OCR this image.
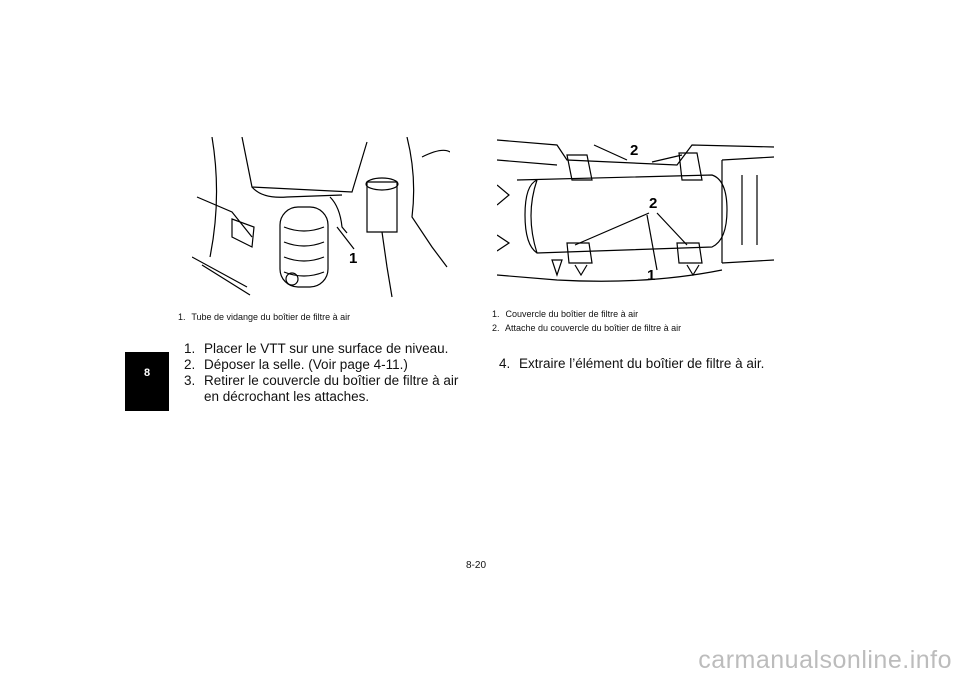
8
1
1. Tube de vidange du boîtier de filtre à air
2
2
1
1. Couvercle du boîtier de filtre à air
2. Attache du couvercle du boîtier de filtre à air
1. Placer le VTT sur une surface de niveau.
2. Déposer la selle. (Voir page 4-11.)
3. Retirer le couvercle du boîtier de filtre à air en décrochant les attaches.
4. Extraire l’élément du boîtier de filtre à air.
8-20
carmanualsonline.info
